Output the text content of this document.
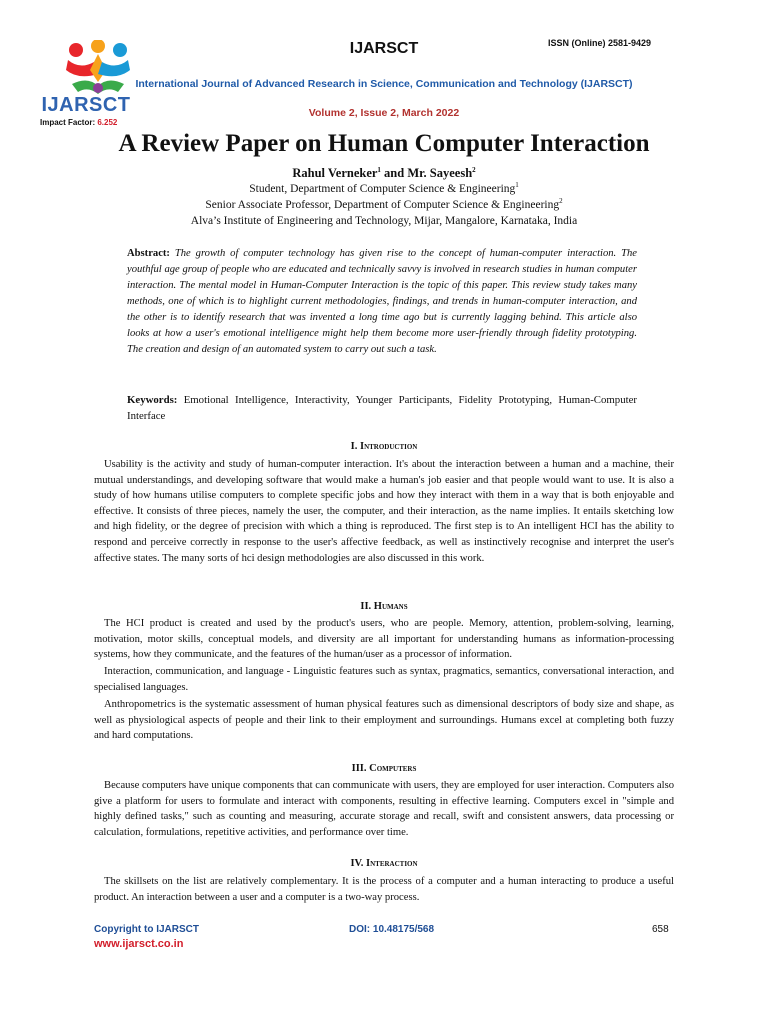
IJARSCT
Impact Factor: 6.252
IJARSCT	ISSN (Online) 2581-9429
International Journal of Advanced Research in Science, Communication and Technology (IJARSCT)
Volume 2, Issue 2, March 2022
A Review Paper on Human Computer Interaction
Rahul Verneker$^1$ and Mr. Sayeesh$^2$
Student, Department of Computer Science & Engineering$^1$
Senior Associate Professor, Department of Computer Science & Engineering$^2$
Alva’s Institute of Engineering and Technology, Mijar, Mangalore, Karnataka, India
Abstract: The growth of computer technology has given rise to the concept of human-computer interaction. The youthful age group of people who are educated and technically savvy is involved in research studies in human computer interaction. The mental model in Human-Computer Interaction is the topic of this paper. This review study takes many methods, one of which is to highlight current methodologies, findings, and trends in human-computer interaction, and the other is to identify research that was invented a long time ago but is currently lagging behind. This article also looks at how a user's emotional intelligence might help them become more user-friendly through fidelity prototyping. The creation and design of an automated system to carry out such a task.
Keywords: Emotional Intelligence, Interactivity, Younger Participants, Fidelity Prototyping, Human-Computer Interface
I. Introduction
Usability is the activity and study of human-computer interaction. It's about the interaction between a human and a machine, their mutual understandings, and developing software that would make a human's job easier and that people would want to use. It is also a study of how humans utilise computers to complete specific jobs and how they interact with them in a way that is both enjoyable and effective. It consists of three pieces, namely the user, the computer, and their interaction, as the name implies. It entails sketching low and high fidelity, or the degree of precision with which a thing is reproduced. The first step is to An intelligent HCI has the ability to respond and perceive correctly in response to the user's affective feedback, as well as instinctively recognise and interpret the user's affective states. The many sorts of hci design methodologies are also discussed in this work.
II. Humans
The HCI product is created and used by the product's users, who are people. Memory, attention, problem-solving, learning, motivation, motor skills, conceptual models, and diversity are all important for understanding humans as information-processing systems, how they communicate, and the features of the human/user as a processor of information.
Interaction, communication, and language - Linguistic features such as syntax, pragmatics, semantics, conversational interaction, and specialised languages.
Anthropometrics is the systematic assessment of human physical features such as dimensional descriptors of body size and shape, as well as physiological aspects of people and their link to their employment and surroundings. Humans excel at completing both fuzzy and hard computations.
III. Computers
Because computers have unique components that can communicate with users, they are employed for user interaction. Computers also give a platform for users to formulate and interact with components, resulting in effective learning. Computers excel in "simple and highly defined tasks," such as counting and measuring, accurate storage and recall, swift and consistent answers, data processing or calculation, formulations, repetitive activities, and performance over time.
IV. Interaction
The skillsets on the list are relatively complementary. It is the process of a computer and a human interacting to produce a useful product. An interaction between a user and a computer is a two-way process.
Copyright to IJARSCT
www.ijarsct.co.in
DOI: 10.48175/568	658
